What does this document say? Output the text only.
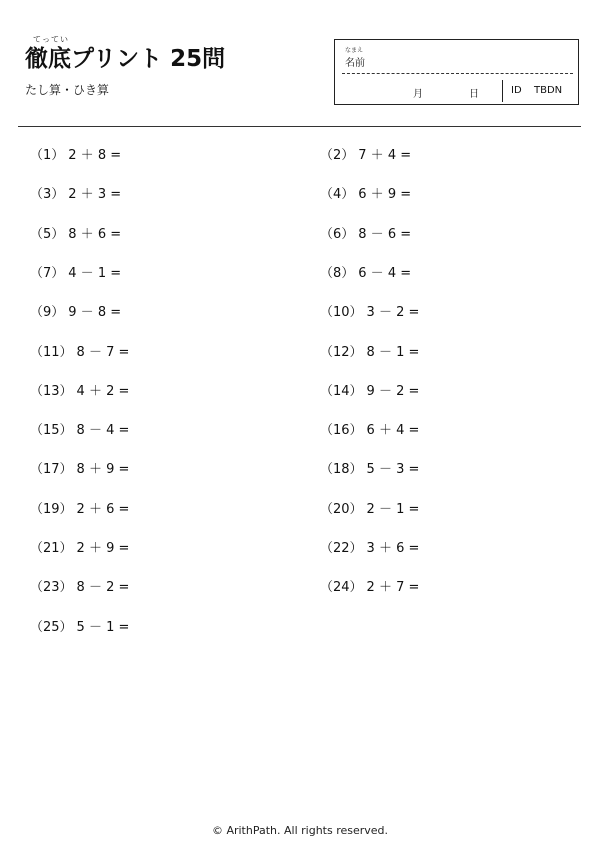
てってい
徹底プリント 25問
たし算・ひき算
なまえ
名前
月	日	ID TBDN
（1） 2 ＋ 8 =	（2） 7 ＋ 4 =
（3） 2 ＋ 3 =	（4） 6 ＋ 9 =
（5） 8 ＋ 6 =	（6） 8 － 6 =
（7） 4 － 1 =	（8） 6 － 4 =
（9） 9 － 8 =	（10） 3 － 2 =
（11） 8 － 7 =	（12） 8 － 1 =
（13） 4 ＋ 2 =	（14） 9 － 2 =
（15） 8 － 4 =	（16） 6 ＋ 4 =
（17） 8 ＋ 9 =	（18） 5 － 3 =
（19） 2 ＋ 6 =	（20） 2 － 1 =
（21） 2 ＋ 9 =	（22） 3 ＋ 6 =
（23） 8 － 2 =	（24） 2 ＋ 7 =
（25） 5 － 1 =
© ArithPath. All rights reserved.
